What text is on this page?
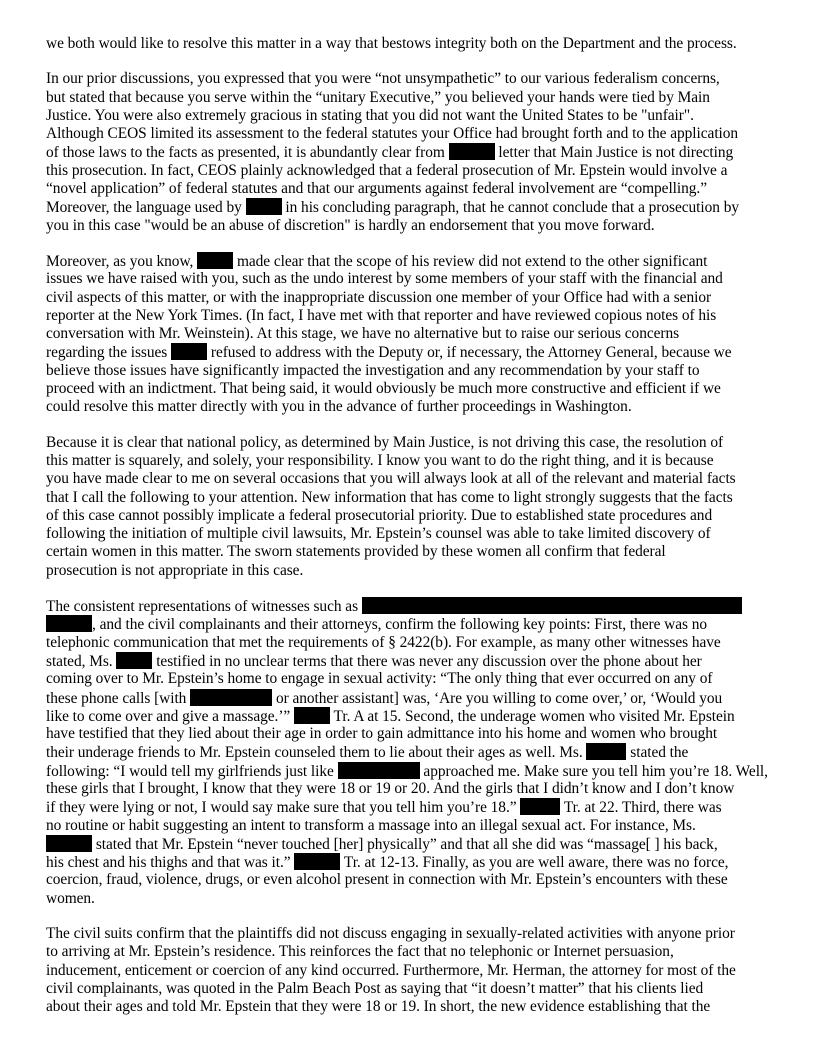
we both would like to resolve this matter in a way that bestows integrity both on the Department and the process.

In our prior discussions, you expressed that you were “not unsympathetic” to our various federalism concerns,
but stated that because you serve within the “unitary Executive,” you believed your hands were tied by Main
Justice. You were also extremely gracious in stating that you did not want the United States to be "unfair".
Although CEOS limited its assessment to the federal statutes your Office had brought forth and to the application
of those laws to the facts as presented, it is abundantly clear from	letter that Main Justice is not directing
this prosecution. In fact, CEOS plainly acknowledged that a federal prosecution of Mr. Epstein would involve a
“novel application” of federal statutes and that our arguments against federal involvement are “compelling.”
Moreover, the language used by	in his concluding paragraph, that he cannot conclude that a prosecution by
you in this case "would be an abuse of discretion" is hardly an endorsement that you move forward.

Moreover, as you know,	made clear that the scope of his review did not extend to the other significant
issues we have raised with you, such as the undo interest by some members of your staff with the financial and
civil aspects of this matter, or with the inappropriate discussion one member of your Office had with a senior
reporter at the New York Times. (In fact, I have met with that reporter and have reviewed copious notes of his
conversation with Mr. Weinstein). At this stage, we have no alternative but to raise our serious concerns
regarding the issues	refused to address with the Deputy or, if necessary, the Attorney General, because we
believe those issues have significantly impacted the investigation and any recommendation by your staff to
proceed with an indictment. That being said, it would obviously be much more constructive and efficient if we
could resolve this matter directly with you in the advance of further proceedings in Washington.

Because it is clear that national policy, as determined by Main Justice, is not driving this case, the resolution of
this matter is squarely, and solely, your responsibility. I know you want to do the right thing, and it is because
you have made clear to me on several occasions that you will always look at all of the relevant and material facts
that I call the following to your attention. New information that has come to light strongly suggests that the facts
of this case cannot possibly implicate a federal prosecutorial priority. Due to established state procedures and
following the initiation of multiple civil lawsuits, Mr. Epstein’s counsel was able to take limited discovery of
certain women in this matter. The sworn statements provided by these women all confirm that federal
prosecution is not appropriate in this case.

The consistent representations of witnesses such as
, and the civil complainants and their attorneys, confirm the following key points: First, there was no
telephonic communication that met the requirements of § 2422(b). For example, as many other witnesses have
stated, Ms.	testified in no unclear terms that there was never any discussion over the phone about her
coming over to Mr. Epstein’s home to engage in sexual activity: “The only thing that ever occurred on any of
these phone calls [with	or another assistant] was, ‘Are you willing to come over,’ or, ‘Would you
like to come over and give a massage.’”	Tr. A at 15. Second, the underage women who visited Mr. Epstein
have testified that they lied about their age in order to gain admittance into his home and women who brought
their underage friends to Mr. Epstein counseled them to lie about their ages as well. Ms.	stated the
following: “I would tell my girlfriends just like	approached me. Make sure you tell him you’re 18. Well,
these girls that I brought, I know that they were 18 or 19 or 20. And the girls that I didn’t know and I don’t know
if they were lying or not, I would say make sure that you tell him you’re 18.”	Tr. at 22. Third, there was
no routine or habit suggesting an intent to transform a massage into an illegal sexual act. For instance, Ms.
stated that Mr. Epstein “never touched [her] physically” and that all she did was “massage[ ] his back,
his chest and his thighs and that was it.”	Tr. at 12-13. Finally, as you are well aware, there was no force,
coercion, fraud, violence, drugs, or even alcohol present in connection with Mr. Epstein’s encounters with these
women.

The civil suits confirm that the plaintiffs did not discuss engaging in sexually-related activities with anyone prior
to arriving at Mr. Epstein’s residence. This reinforces the fact that no telephonic or Internet persuasion,
inducement, enticement or coercion of any kind occurred. Furthermore, Mr. Herman, the attorney for most of the
civil complainants, was quoted in the Palm Beach Post as saying that “it doesn’t matter” that his clients lied
about their ages and told Mr. Epstein that they were 18 or 19. In short, the new evidence establishing that the
